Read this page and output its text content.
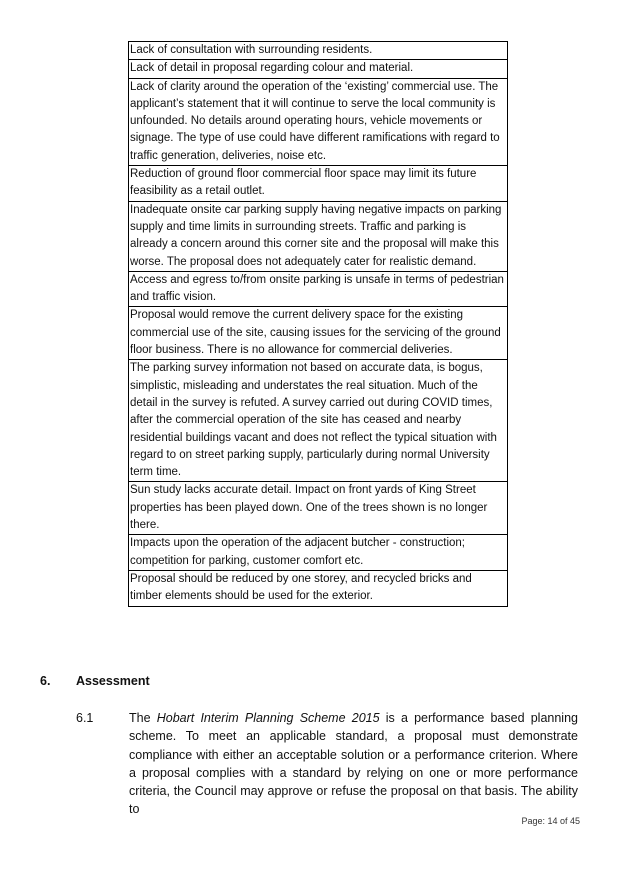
Lack of consultation with surrounding residents.
Lack of detail in proposal regarding colour and material.
Lack of clarity around the operation of the ‘existing’ commercial use. The applicant’s statement that it will continue to serve the local community is unfounded. No details around operating hours, vehicle movements or signage. The type of use could have different ramifications with regard to traffic generation, deliveries, noise etc.
Reduction of ground floor commercial floor space may limit its future feasibility as a retail outlet.
Inadequate onsite car parking supply having negative impacts on parking supply and time limits in surrounding streets. Traffic and parking is already a concern around this corner site and the proposal will make this worse. The proposal does not adequately cater for realistic demand.
Access and egress to/from onsite parking is unsafe in terms of pedestrian and traffic vision.
Proposal would remove the current delivery space for the existing commercial use of the site, causing issues for the servicing of the ground floor business. There is no allowance for commercial deliveries.
The parking survey information not based on accurate data, is bogus, simplistic, misleading and understates the real situation. Much of the detail in the survey is refuted. A survey carried out during COVID times, after the commercial operation of the site has ceased and nearby residential buildings vacant and does not reflect the typical situation with regard to on street parking supply, particularly during normal University term time.
Sun study lacks accurate detail. Impact on front yards of King Street properties has been played down. One of the trees shown is no longer there.
Impacts upon the operation of the adjacent butcher - construction; competition for parking, customer comfort etc.
Proposal should be reduced by one storey, and recycled bricks and timber elements should be used for the exterior.
6. Assessment
6.1	The Hobart Interim Planning Scheme 2015 is a performance based planning scheme. To meet an applicable standard, a proposal must demonstrate compliance with either an acceptable solution or a performance criterion. Where a proposal complies with a standard by relying on one or more performance criteria, the Council may approve or refuse the proposal on that basis. The ability to
Page: 14 of 45
